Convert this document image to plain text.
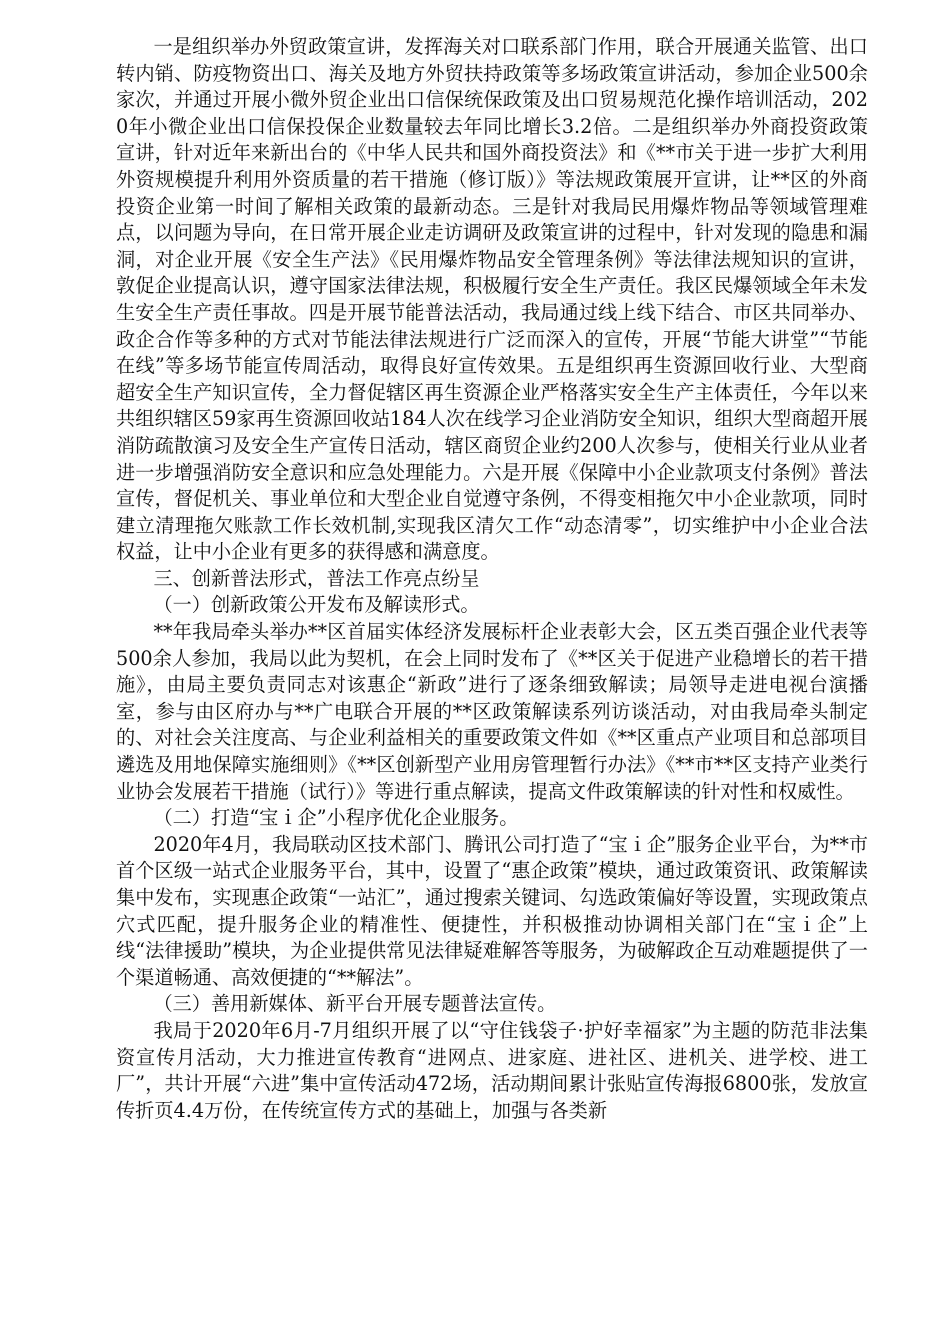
一是组织举办外贸政策宣讲，发挥海关对口联系部门作用，联合开展通关监管、出口转内销、防疫物资出口、海关及地方外贸扶持政策等多场政策宣讲活动，参加企业500余家次，并通过开展小微外贸企业出口信保统保政策及出口贸易规范化操作培训活动，2020年小微企业出口信保投保企业数量较去年同比增长3.2倍。二是组织举办外商投资政策宣讲，针对近年来新出台的《中华人民共和国外商投资法》和《**市关于进一步扩大利用外资规模提升利用外资质量的若干措施（修订版）》等法规政策展开宣讲，让**区的外商投资企业第一时间了解相关政策的最新动态。三是针对我局民用爆炸物品等领域管理难点，以问题为导向，在日常开展企业走访调研及政策宣讲的过程中，针对发现的隐患和漏洞，对企业开展《安全生产法》《民用爆炸物品安全管理条例》等法律法规知识的宣讲，敦促企业提高认识，遵守国家法律法规，积极履行安全生产责任。我区民爆领域全年未发生安全生产责任事故。四是开展节能普法活动，我局通过线上线下结合、市区共同举办、政企合作等多种的方式对节能法律法规进行广泛而深入的宣传，开展“节能大讲堂”“节能在线”等多场节能宣传周活动，取得良好宣传效果。五是组织再生资源回收行业、大型商超安全生产知识宣传，全力督促辖区再生资源企业严格落实安全生产主体责任，今年以来共组织辖区59家再生资源回收站184人次在线学习企业消防安全知识，组织大型商超开展消防疏散演习及安全生产宣传日活动，辖区商贸企业约200人次参与，使相关行业从业者进一步增强消防安全意识和应急处理能力。六是开展《保障中小企业款项支付条例》普法宣传，督促机关、事业单位和大型企业自觉遵守条例，不得变相拖欠中小企业款项，同时建立清理拖欠账款工作长效机制,实现我区清欠工作“动态清零”，切实维护中小企业合法权益，让中小企业有更多的获得感和满意度。

三、创新普法形式，普法工作亮点纷呈

（一）创新政策公开发布及解读形式。

**年我局牵头举办**区首届实体经济发展标杆企业表彰大会，区五类百强企业代表等500余人参加，我局以此为契机，在会上同时发布了《**区关于促进产业稳增长的若干措施》，由局主要负责同志对该惠企“新政”进行了逐条细致解读；局领导走进电视台演播室，参与由区府办与**广电联合开展的**区政策解读系列访谈活动，对由我局牵头制定的、对社会关注度高、与企业利益相关的重要政策文件如《**区重点产业项目和总部项目遴选及用地保障实施细则》《**区创新型产业用房管理暂行办法》《**市**区支持产业类行业协会发展若干措施（试行）》等进行重点解读，提高文件政策解读的针对性和权威性。

（二）打造“宝ｉ企”小程序优化企业服务。

2020年4月，我局联动区技术部门、腾讯公司打造了“宝ｉ企”服务企业平台，为**市首个区级一站式企业服务平台，其中，设置了“惠企政策”模块，通过政策资讯、政策解读集中发布，实现惠企政策“一站汇”，通过搜索关键词、勾选政策偏好等设置，实现政策点穴式匹配，提升服务企业的精准性、便捷性，并积极推动协调相关部门在“宝ｉ企”上线“法律援助”模块，为企业提供常见法律疑难解答等服务，为破解政企互动难题提供了一个渠道畅通、高效便捷的“**解法”。

（三）善用新媒体、新平台开展专题普法宣传。

我局于2020年6月-7月组织开展了以“守住钱袋子·护好幸福家”为主题的防范非法集资宣传月活动，大力推进宣传教育“进网点、进家庭、进社区、进机关、进学校、进工厂”，共计开展“六进”集中宣传活动472场，活动期间累计张贴宣传海报6800张，发放宣传折页4.4万份，在传统宣传方式的基础上，加强与各类新
